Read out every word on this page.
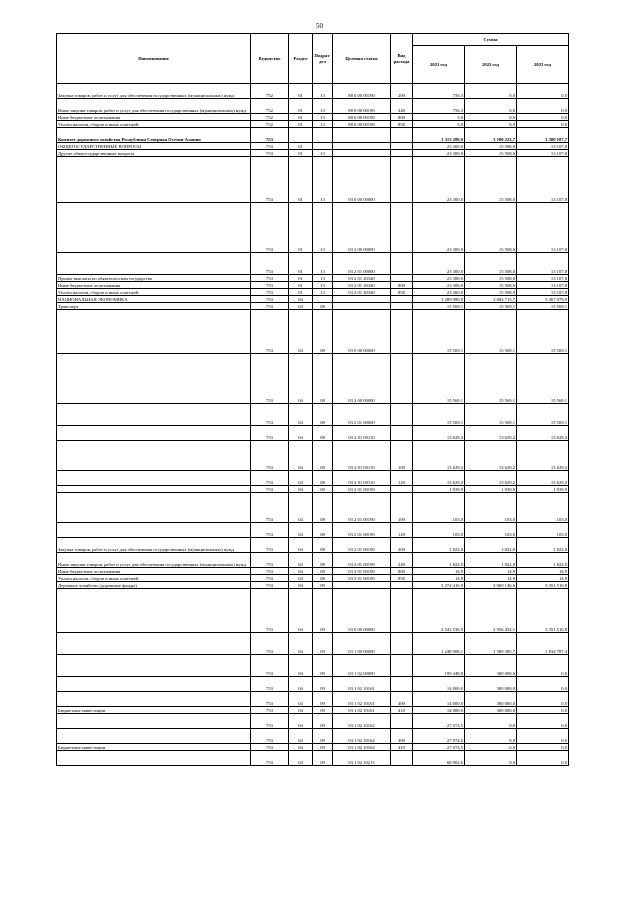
50
Наименование	Ведомство	Раздел	Подраз-дел	Целевая статья	Вид расхода	Сумма		
						2021 год	2022 год	2023 год
Закупка товаров, работ и услуг для обеспечения государственных (муниципальных) нужд	752	01	13	88 6 00 00190	200	756,3	0,0	0,0
Иные закупки товаров, работ и услуг для обеспечения государственных (муниципальных) нужд	752	01	13	88 6 00 00190	240	756,3	0,0	0,0
Иные бюджетные ассигнования	752	01	13	88 6 00 00190	800	5,0	0,0	0,0
Уплата налогов, сборов и иных платежей	752	01	13	88 6 00 00190	850	5,0	0,0	0,0
Комитет дорожного хозяйства Республики Северная Осетия-Алания	753					3 313 280,0	3 100 223,7	3 380 187,7
ОБЩЕГОСУДАРСТВЕННЫЕ ВОПРОСЫ	753	01				23 300,0	15 508,0	13 107,8
Другие общегосударственные вопросы	753	01	13			23 300,0	15 508,0	13 107,8
	753	01	13	03 0 00 00000		23 300,0	15 508,0	13 107,8
	753	01	13	03 2 00 00000		23 300,0	15 508,0	13 107,8
	753	01	13	03 2 01 00000		23 300,0	15 508,0	13 107,8
Прочие выплаты по обязательствам государства	753	01	13	03 2 01 20340		23 300,0	15 508,0	13 107,8
Иные бюджетные ассигнования	753	01	13	03 2 01 20340	800	23 300,0	15 508,0	13 107,8
Уплата налогов, сборов и иных платежей	753	01	13	03 2 01 20340	850	23 300,0	15 508,0	13 107,8
НАЦИОНАЛЬНАЯ ЭКОНОМИКА	753	04				3 289 980,0	3 084 715,7	3 367 079,9
Транспорт	753	04	08			15 569,1	15 569,1	15 569,1
	753	04	08	03 0 00 00000		15 569,1	15 569,1	15 569,1
	753	04	08	03 2 00 00000		15 569,1	15 569,1	15 569,1
	753	04	08	03 2 01 00000		15 569,1	15 569,1	15 569,1
	753	04	08	03 2 01 00110		13 629,2	13 629,2	13 629,2
	753	04	08	03 2 01 00110	100	13 629,2	13 629,2	13 629,2
	753	04	08	03 2 01 00110	120	13 629,2	13 629,2	13 629,2
	753	04	08	03 2 01 00190		1 939,9	1 939,9	1 939,9
	753	04	08	03 2 01 00190	100	103,0	103,0	103,0
	753	04	08	03 2 01 00190	120	103,0	103,0	103,0
Закупка товаров, работ и услуг для обеспечения государственных (муниципальных) нужд	753	04	08	03 2 01 00190	200	1 822,0	1 822,0	1 822,0
Иные закупки товаров, работ и услуг для обеспечения государственных (муниципальных) нужд	753	04	08	03 2 01 00190	240	1 822,0	1 822,0	1 822,0
Иные бюджетные ассигнования	753	04	08	03 2 01 00190	800	14,9	14,9	14,9
Уплата налогов, сборов и иных платежей	753	04	08	03 2 01 00190	850	14,9	14,9	14,9
Дорожное хозяйство (дорожные фонды)	753	04	09			3 274 410,9	3 069 146,6	3 351 510,8
	753	04	09	03 0 00 00000		2 542 530,9	2 956 454,1	3 351 510,8
	753	04	09	03 1 00 00000		1 248 908,1	1 589 385,7	1 834 787,4
	753	04	09	03 1 02 00000		199 448,8	300 000,0	0,0
	753	04	09	03 1 02 10161		14 000,0	300 000,0	0,0
	753	04	09	03 1 02 10161	400	14 000,0	300 000,0	0,0
Бюджетные инвестиции	753	04	09	03 1 02 10161	410	14 000,0	300 000,0	0,0
	753	04	09	03 1 02 10162		27 074,5	0,0	0,0
	753	04	09	03 1 02 10162	400	27 074,5	0,0	0,0
Бюджетные инвестиции	753	04	09	03 1 02 10162	410	27 074,5	0,0	0,0
	753	04	09	03 1 02 10215		68 902,6	0,0	0,0
